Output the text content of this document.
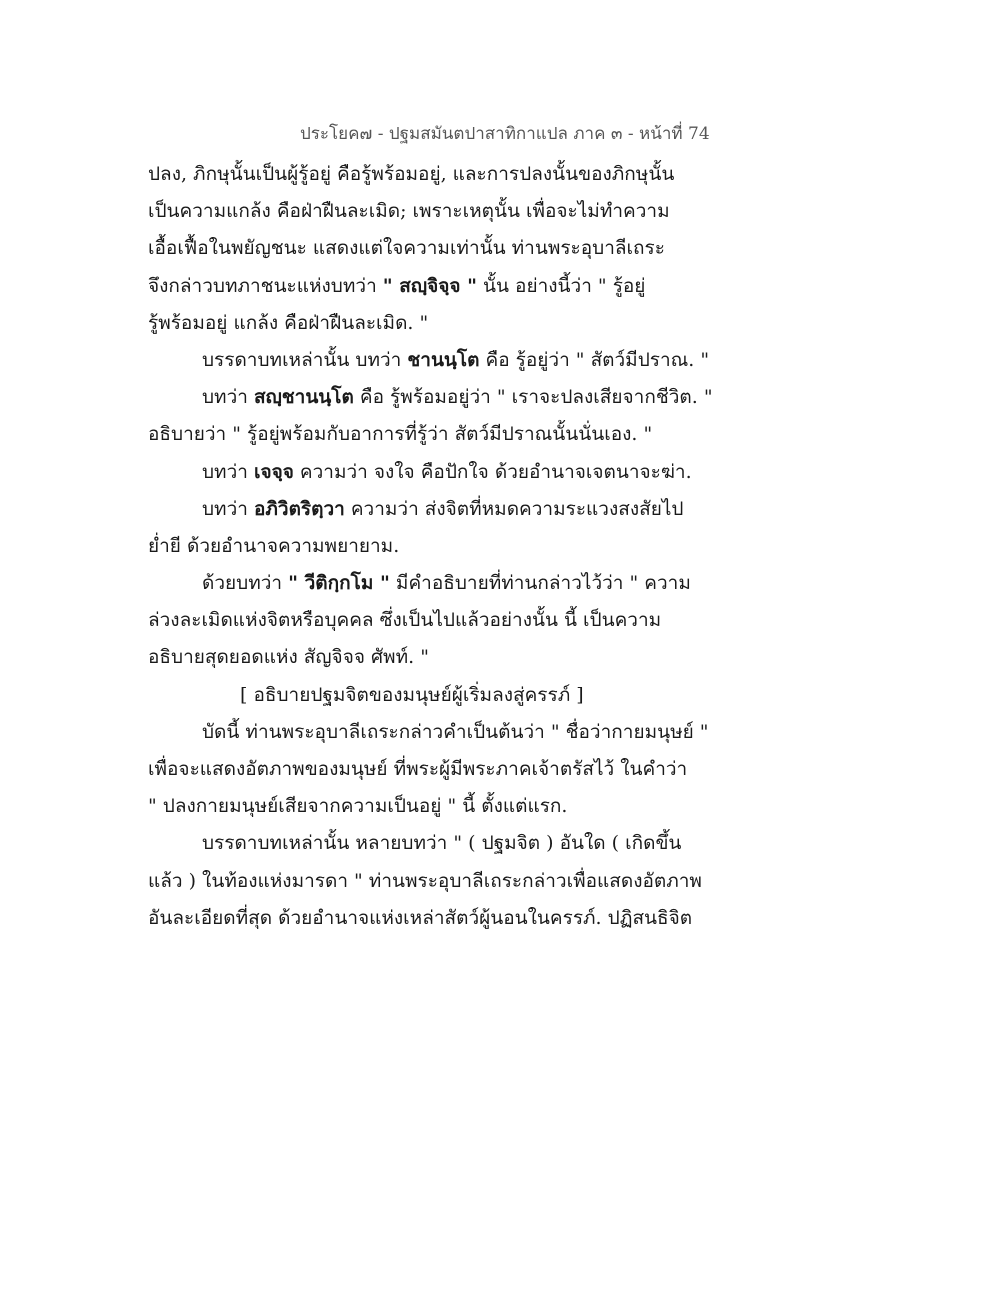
ประโยค๗ - ปฐมสมันตปาสาทิกาแปล ภาค ๓ - หน้าที่ 74
ปลง, ภิกษุนั้นเป็นผู้รู้อยู่ คือรู้พร้อมอยู่, และการปลงนั้นของภิกษุนั้น
เป็นความแกล้ง คือฝ่าฝืนละเมิด; เพราะเหตุนั้น เพื่อจะไม่ทำความ
เอื้อเฟื้อในพยัญชนะ แสดงแต่ใจความเท่านั้น ท่านพระอุบาลีเถระ
จึงกล่าวบทภาชนะแห่งบทว่า " สญฺจิจฺจ " นั้น อย่างนี้ว่า " รู้อยู่
รู้พร้อมอยู่ แกล้ง คือฝ่าฝืนละเมิด. "
บรรดาบทเหล่านั้น บทว่า ชานนฺโต คือ รู้อยู่ว่า " สัตว์มีปราณ. "
บทว่า สญฺชานนฺโต คือ รู้พร้อมอยู่ว่า " เราจะปลงเสียจากชีวิต. "
อธิบายว่า " รู้อยู่พร้อมกับอาการที่รู้ว่า สัตว์มีปราณนั้นนั่นเอง. "
บทว่า เจจฺจ ความว่า จงใจ คือปักใจ ด้วยอำนาจเจตนาจะฆ่า.
บทว่า อภิวิตริตฺวา ความว่า ส่งจิตที่หมดความระแวงสงสัยไป
ย่ำยี ด้วยอำนาจความพยายาม.
ด้วยบทว่า " วีติกฺกโม " มีคำอธิบายที่ท่านกล่าวไว้ว่า " ความ
ล่วงละเมิดแห่งจิตหรือบุคคล ซึ่งเป็นไปแล้วอย่างนั้น นี้ เป็นความ
อธิบายสุดยอดแห่ง สัญจิจจ ศัพท์. "
[ อธิบายปฐมจิตของมนุษย์ผู้เริ่มลงสู่ครรภ์ ]
บัดนี้ ท่านพระอุบาลีเถระกล่าวคำเป็นต้นว่า " ชื่อว่ากายมนุษย์ "
เพื่อจะแสดงอัตภาพของมนุษย์ ที่พระผู้มีพระภาคเจ้าตรัสไว้ ในคำว่า
" ปลงกายมนุษย์เสียจากความเป็นอยู่ " นี้ ตั้งแต่แรก.
บรรดาบทเหล่านั้น หลายบทว่า " ( ปฐมจิต ) อันใด ( เกิดขึ้น
แล้ว ) ในท้องแห่งมารดา " ท่านพระอุบาลีเถระกล่าวเพื่อแสดงอัตภาพ
อันละเอียดที่สุด ด้วยอำนาจแห่งเหล่าสัตว์ผู้นอนในครรภ์. ปฏิสนธิจิต
